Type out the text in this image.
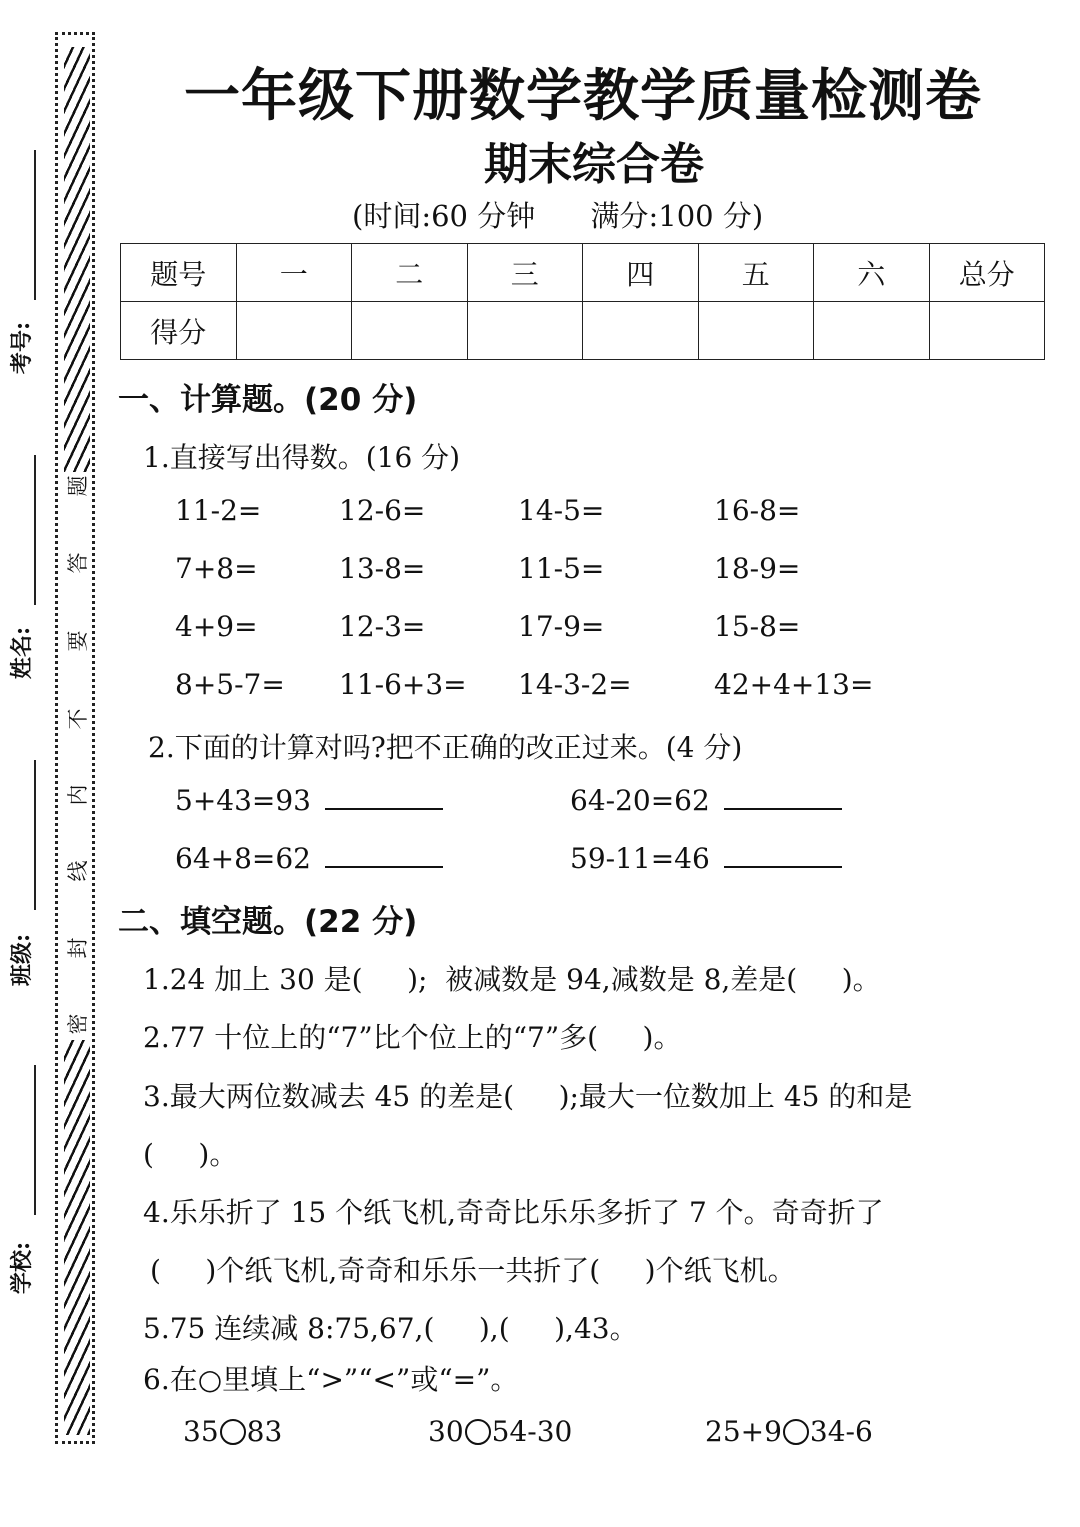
题
答
要
不
内
线
封
密
考号:
姓名:
班级:
学校:
一年级下册数学教学质量检测卷
期末综合卷
(时间:60 分钟      满分:100 分)
题号	一	二	三	四	五	六	总分
得分							
一、计算题。(20 分)
1.直接写出得数。(16 分)
11-2=	12-6=	14-5=	16-8=
7+8=	13-8=	11-5=	18-9=
4+9=	12-3=	17-9=	15-8=
8+5-7= 11-6+3= 14-3-2=	42+4+13=
2.下面的计算对吗?把不正确的改正过来。(4 分)
5+43=93	64-20=62
64+8=62	59-11=46
二、填空题。(22 分)
1.24 加上 30 是(     );  被减数是 94,减数是 8,差是(     )。
2.77 十位上的“7”比个位上的“7”多(     )。
3.最大两位数减去 45 的差是(     );最大一位数加上 45 的和是
(     )。
4.乐乐折了 15 个纸飞机,奇奇比乐乐多折了 7 个。奇奇折了
(     )个纸飞机,奇奇和乐乐一共折了(     )个纸飞机。
5.75 连续减 8:75,67,(     ),(     ),43。
6.在○里填上“>”“<”或“=”。
35 83	30 54-30	25+9 34-6
